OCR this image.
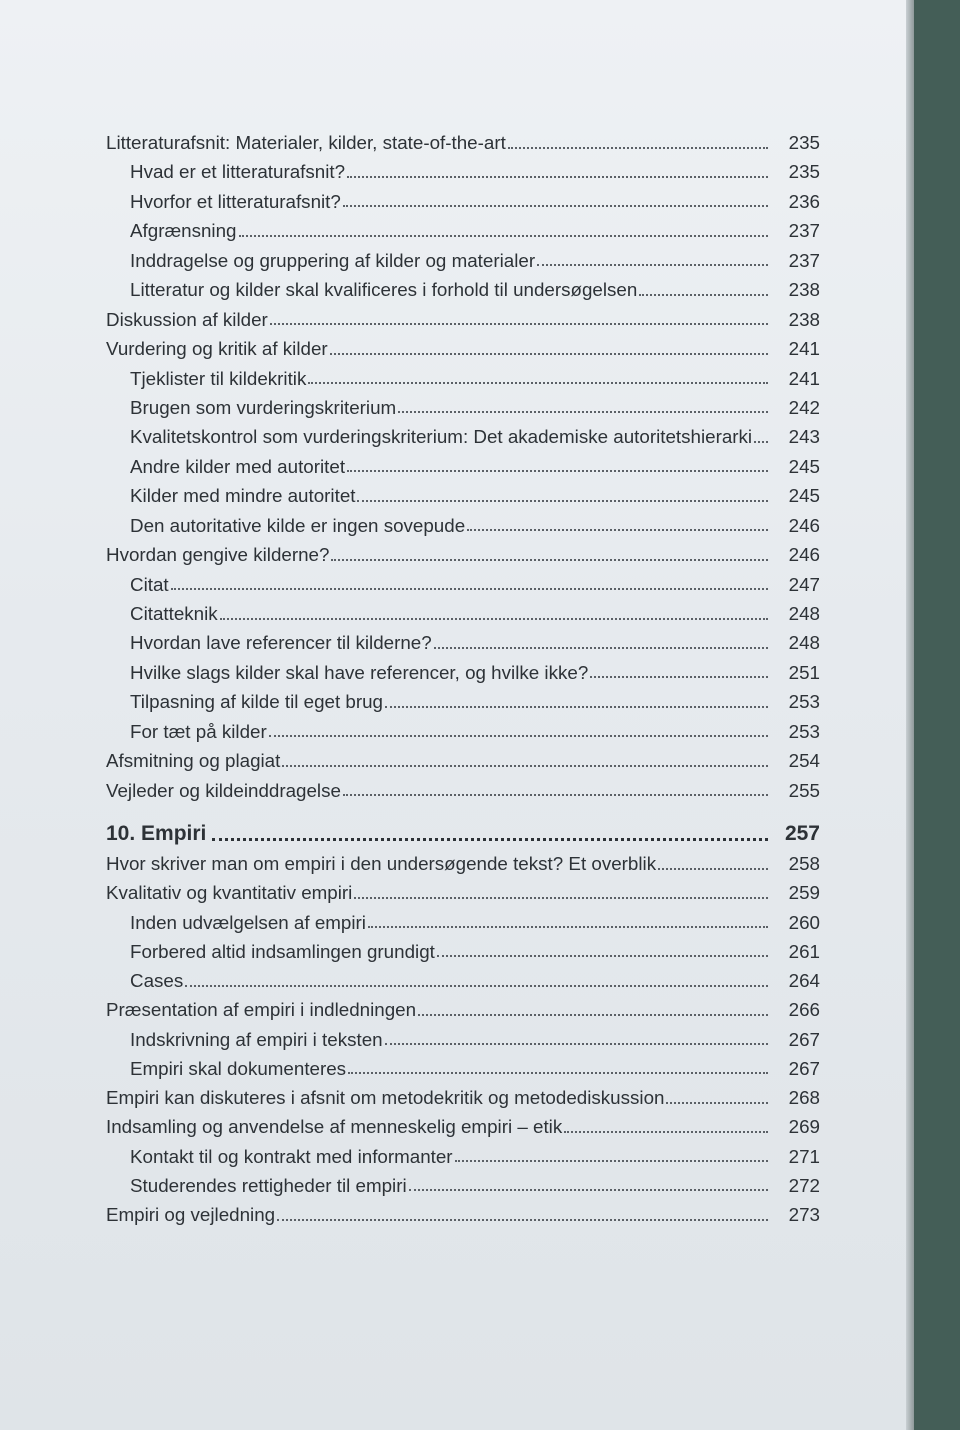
Litteraturafsnit: Materialer, kilder, state-of-the-art	235
Hvad er et litteraturafsnit?	235
Hvorfor et litteraturafsnit?	236
Afgrænsning	237
Inddragelse og gruppering af kilder og materialer	237
Litteratur og kilder skal kvalificeres i forhold til undersøgelsen	238
Diskussion af kilder	238
Vurdering og kritik af kilder	241
Tjeklister til kildekritik	241
Brugen som vurderingskriterium	242
Kvalitetskontrol som vurderingskriterium: Det akademiske autoritetshierarki	243
Andre kilder med autoritet	245
Kilder med mindre autoritet	245
Den autoritative kilde er ingen sovepude	246
Hvordan gengive kilderne?	246
Citat	247
Citatteknik	248
Hvordan lave referencer til kilderne?	248
Hvilke slags kilder skal have referencer, og hvilke ikke?	251
Tilpasning af kilde til eget brug	253
For tæt på kilder	253
Afsmitning og plagiat	254
Vejleder og kildeinddragelse	255
10. Empiri	257
Hvor skriver man om empiri i den undersøgende tekst? Et overblik	258
Kvalitativ og kvantitativ empiri	259
Inden udvælgelsen af empiri	260
Forbered altid indsamlingen grundigt	261
Cases	264
Præsentation af empiri i indledningen	266
Indskrivning af empiri i teksten	267
Empiri skal dokumenteres	267
Empiri kan diskuteres i afsnit om metodekritik og metodediskussion	268
Indsamling og anvendelse af menneskelig empiri – etik	269
Kontakt til og kontrakt med informanter	271
Studerendes rettigheder til empiri	272
Empiri og vejledning	273
